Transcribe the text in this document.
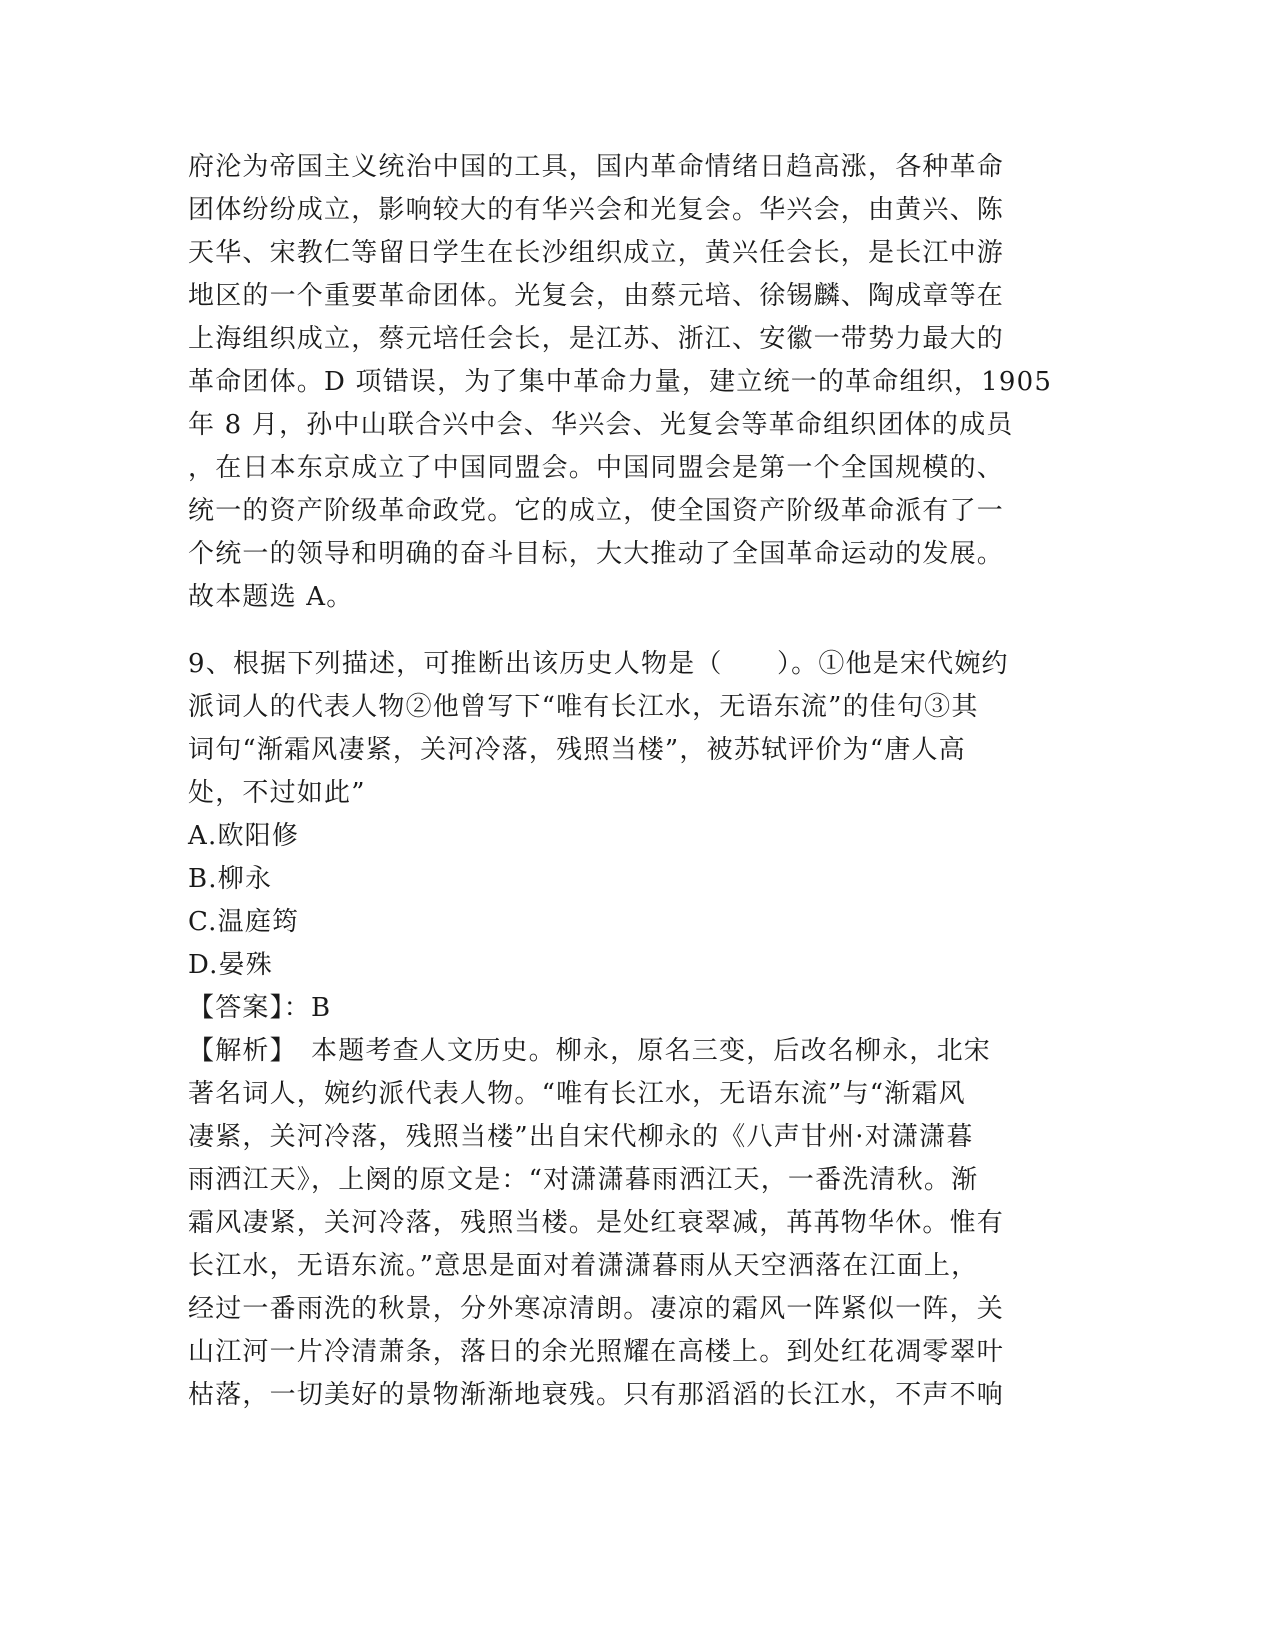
府沦为帝国主义统治中国的工具，国内革命情绪日趋高涨，各种革命
团体纷纷成立，影响较大的有华兴会和光复会。华兴会，由黄兴、陈
天华、宋教仁等留日学生在长沙组织成立，黄兴任会长，是长江中游
地区的一个重要革命团体。光复会，由蔡元培、徐锡麟、陶成章等在
上海组织成立，蔡元培任会长，是江苏、浙江、安徽一带势力最大的
革命团体。D 项错误，为了集中革命力量，建立统一的革命组织，1905
年 8 月，孙中山联合兴中会、华兴会、光复会等革命组织团体的成员
，在日本东京成立了中国同盟会。中国同盟会是第一个全国规模的、
统一的资产阶级革命政党。它的成立，使全国资产阶级革命派有了一
个统一的领导和明确的奋斗目标，大大推动了全国革命运动的发展。
故本题选 A。
9、根据下列描述，可推断出该历史人物是（　　）。①他是宋代婉约
派词人的代表人物②他曾写下“唯有长江水，无语东流”的佳句③其
词句“渐霜风凄紧，关河冷落，残照当楼”，被苏轼评价为“唐人高
处，不过如此”
A.欧阳修
B.柳永
C.温庭筠
D.晏殊
【答案】：B
【解析】　本题考查人文历史。柳永，原名三变，后改名柳永，北宋
著名词人，婉约派代表人物。“唯有长江水，无语东流”与“渐霜风
凄紧，关河冷落，残照当楼”出自宋代柳永的《八声甘州·对潇潇暮
雨洒江天》，上阕的原文是：“对潇潇暮雨洒江天，一番洗清秋。渐
霜风凄紧，关河冷落，残照当楼。是处红衰翠减，苒苒物华休。惟有
长江水，无语东流。”意思是面对着潇潇暮雨从天空洒落在江面上，
经过一番雨洗的秋景，分外寒凉清朗。凄凉的霜风一阵紧似一阵，关
山江河一片冷清萧条，落日的余光照耀在高楼上。到处红花凋零翠叶
枯落，一切美好的景物渐渐地衰残。只有那滔滔的长江水，不声不响
